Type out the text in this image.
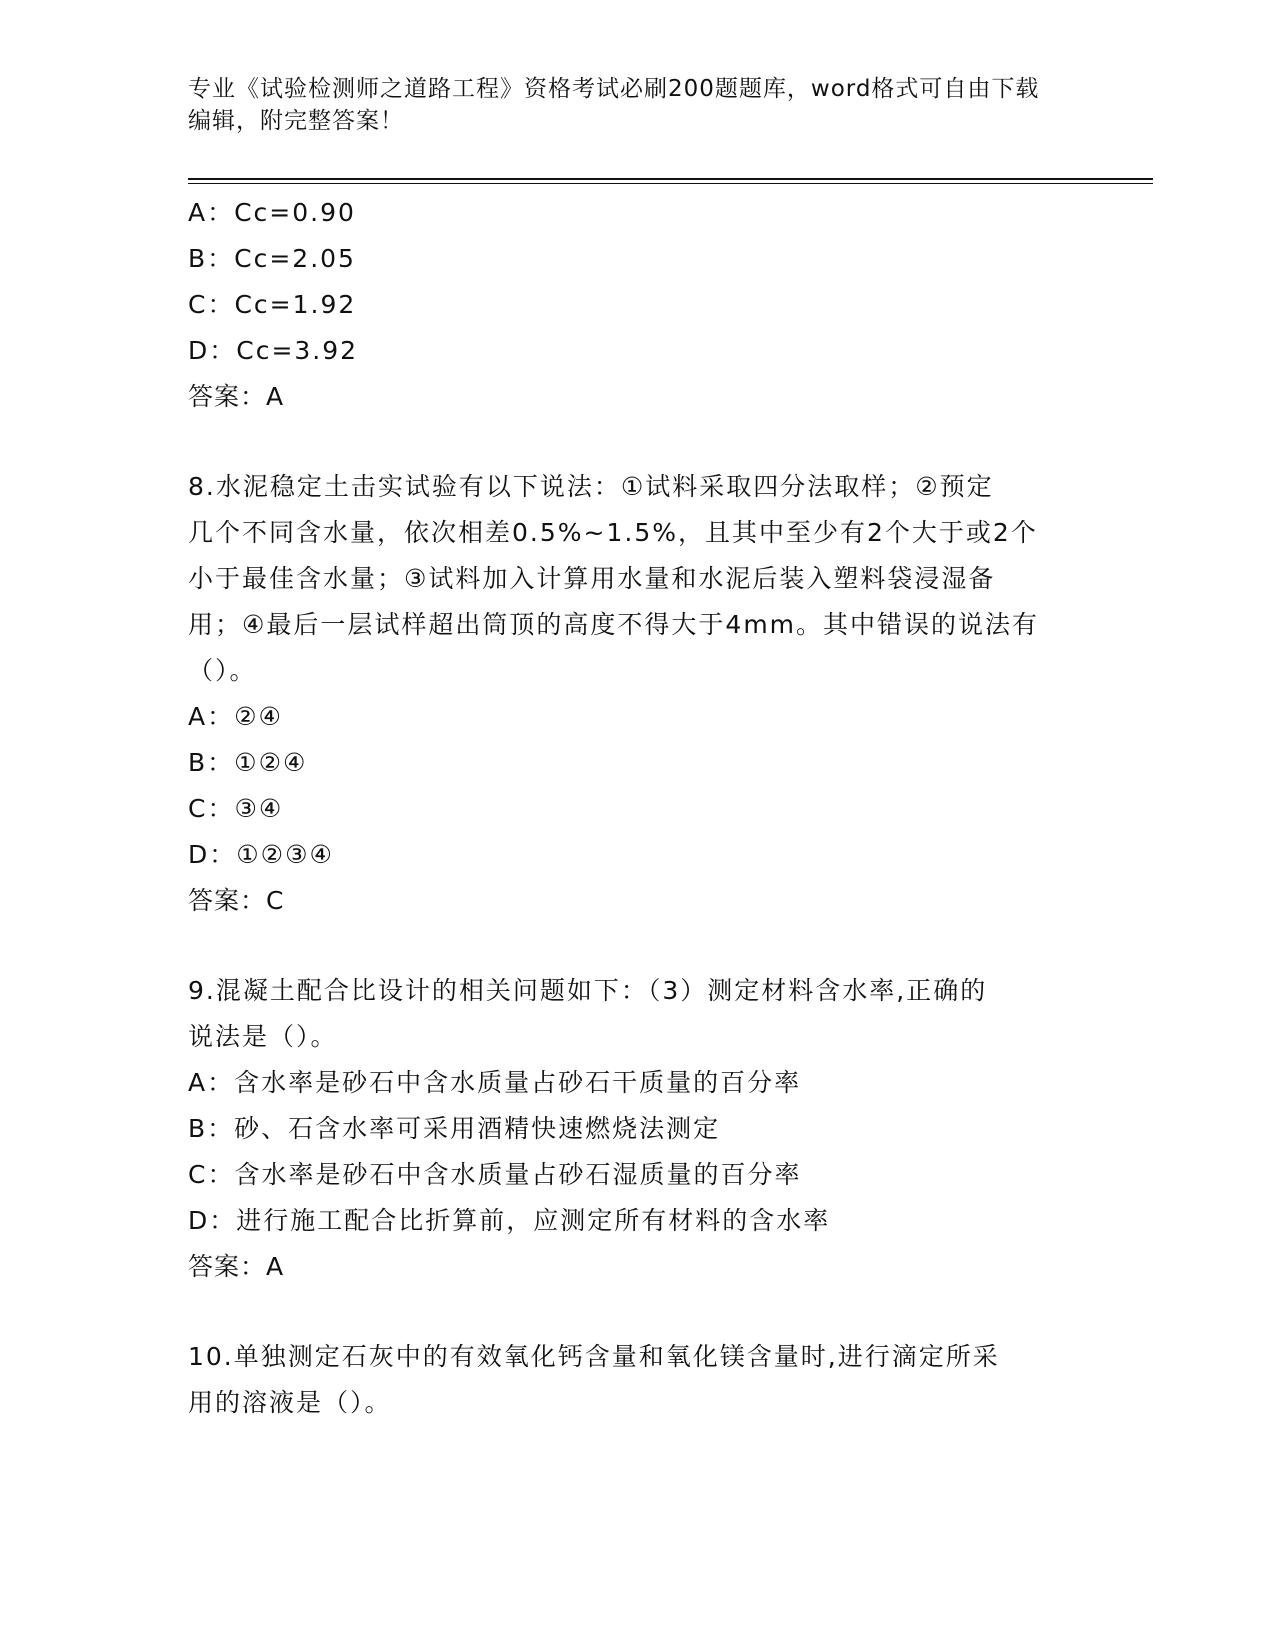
专业《试验检测师之道路工程》资格考试必刷200题题库，word格式可自由下载
编辑，附完整答案！
A：Cc=0.90
B：Cc=2.05
C：Cc=1.92
D：Cc=3.92
答案：A
8.水泥稳定土击实试验有以下说法：①试料采取四分法取样；②预定
几个不同含水量，依次相差0.5%~1.5%，且其中至少有2个大于或2个
小于最佳含水量；③试料加入计算用水量和水泥后装入塑料袋浸湿备
用；④最后一层试样超出筒顶的高度不得大于4mm。其中错误的说法有
（）。
A：②④
B：①②④
C：③④
D：①②③④
答案：C
9.混凝土配合比设计的相关问题如下：（3）测定材料含水率,正确的
说法是（）。
A：含水率是砂石中含水质量占砂石干质量的百分率
B：砂、石含水率可采用酒精快速燃烧法测定
C：含水率是砂石中含水质量占砂石湿质量的百分率
D：进行施工配合比折算前，应测定所有材料的含水率
答案：A
10.单独测定石灰中的有效氧化钙含量和氧化镁含量时,进行滴定所采
用的溶液是（）。
